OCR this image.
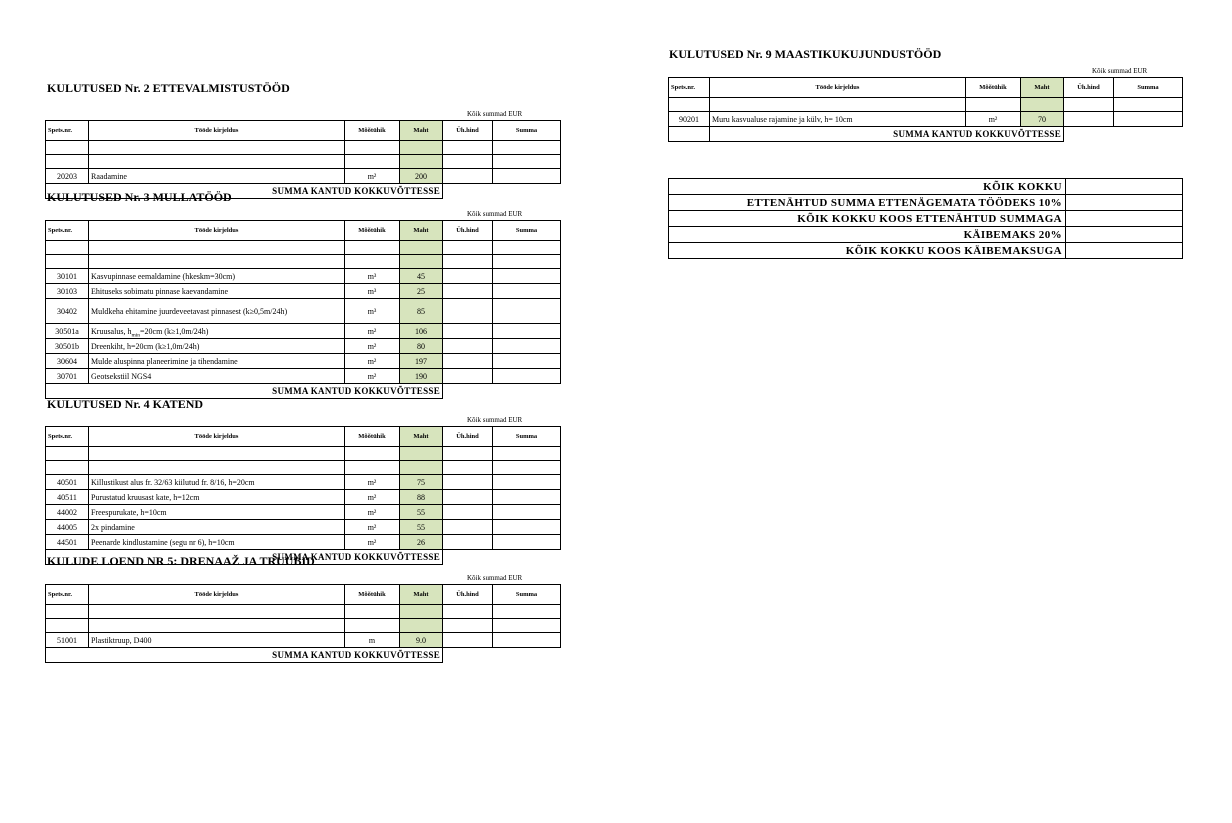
KULUTUSED Nr. 2 ETTEVALMISTUSTÖÖD
Kõik summad EUR
Spets.nr.	Tööde kirjeldus	Mõõtühik	Maht	Üh.hind	Summa

20203	Raadamine	m²	200		
SUMMA KANTUD KOKKUVÕTTESSE					
KULUTUSED Nr. 3 MULLATÖÖD
Kõik summad EUR
Spets.nr.	Tööde kirjeldus	Mõõtühik	Maht	Üh.hind	Summa

30101	Kasvupinnase eemaldamine (hkeskm=30cm)	m³	45		
30103	Ehituseks sobimatu pinnase kaevandamine	m³	25		
30402	Muldkeha ehitamine juurdeveetavast pinnasest (k≥0,5m/24h)	m³	85		
30501a	Kruusalus, $h_{min}=20cm$ (k≥1,0m/24h)	m²	106		
30501b	Dreenkiht, h=20cm (k≥1,0m/24h)	m²	80		
30604	Mulde aluspinna planeerimine ja tihendamine	m²	197		
30701	Geotsekstiil NGS4	m²	190		
SUMMA KANTUD KOKKUVÕTTESSE					
KULUTUSED Nr. 4 KATEND
Kõik summad EUR
Spets.nr.	Tööde kirjeldus	Mõõtühik	Maht	Üh.hind	Summa

40501	Killustikust alus fr. 32/63 kiilutud fr. 8/16, h=20cm	m²	75		
40511	Purustatud kruusast kate, h=12cm	m²	88		
44002	Freespurukate, h=10cm	m²	55		
44005	2x pindamine	m²	55		
44501	Peenarde kindlustamine (segu nr 6), h=10cm	m²	26		
SUMMA KANTUD KOKKUVÕTTESSE					
KULUDE LOEND NR 5: DRENAAŽ JA TRUUBID
Kõik summad EUR
Spets.nr.	Tööde kirjeldus	Mõõtühik	Maht	Üh.hind	Summa

51001	Plastiktruup, D400	m	9.0		
SUMMA KANTUD KOKKUVÕTTESSE					
KULUTUSED Nr. 9 MAASTIKUKUJUNDUSTÖÖD
Kõik summad EUR
Spets.nr.	Tööde kirjeldus	Mõõtühik	Maht	Üh.hind	Summa

90201	Muru kasvualuse rajamine ja külv, h= 10cm	m²	70		
	SUMMA KANTUD KOKKUVÕTTESSE				
KÕIK KOKKU	
ETTENÄHTUD SUMMA ETTENÄGEMATA TÖÖDEKS 10%	
KÕIK KOKKU KOOS ETTENÄHTUD SUMMAGA	
KÄIBEMAKS 20%	
KÕIK KOKKU KOOS KÄIBEMAKSUGA	
